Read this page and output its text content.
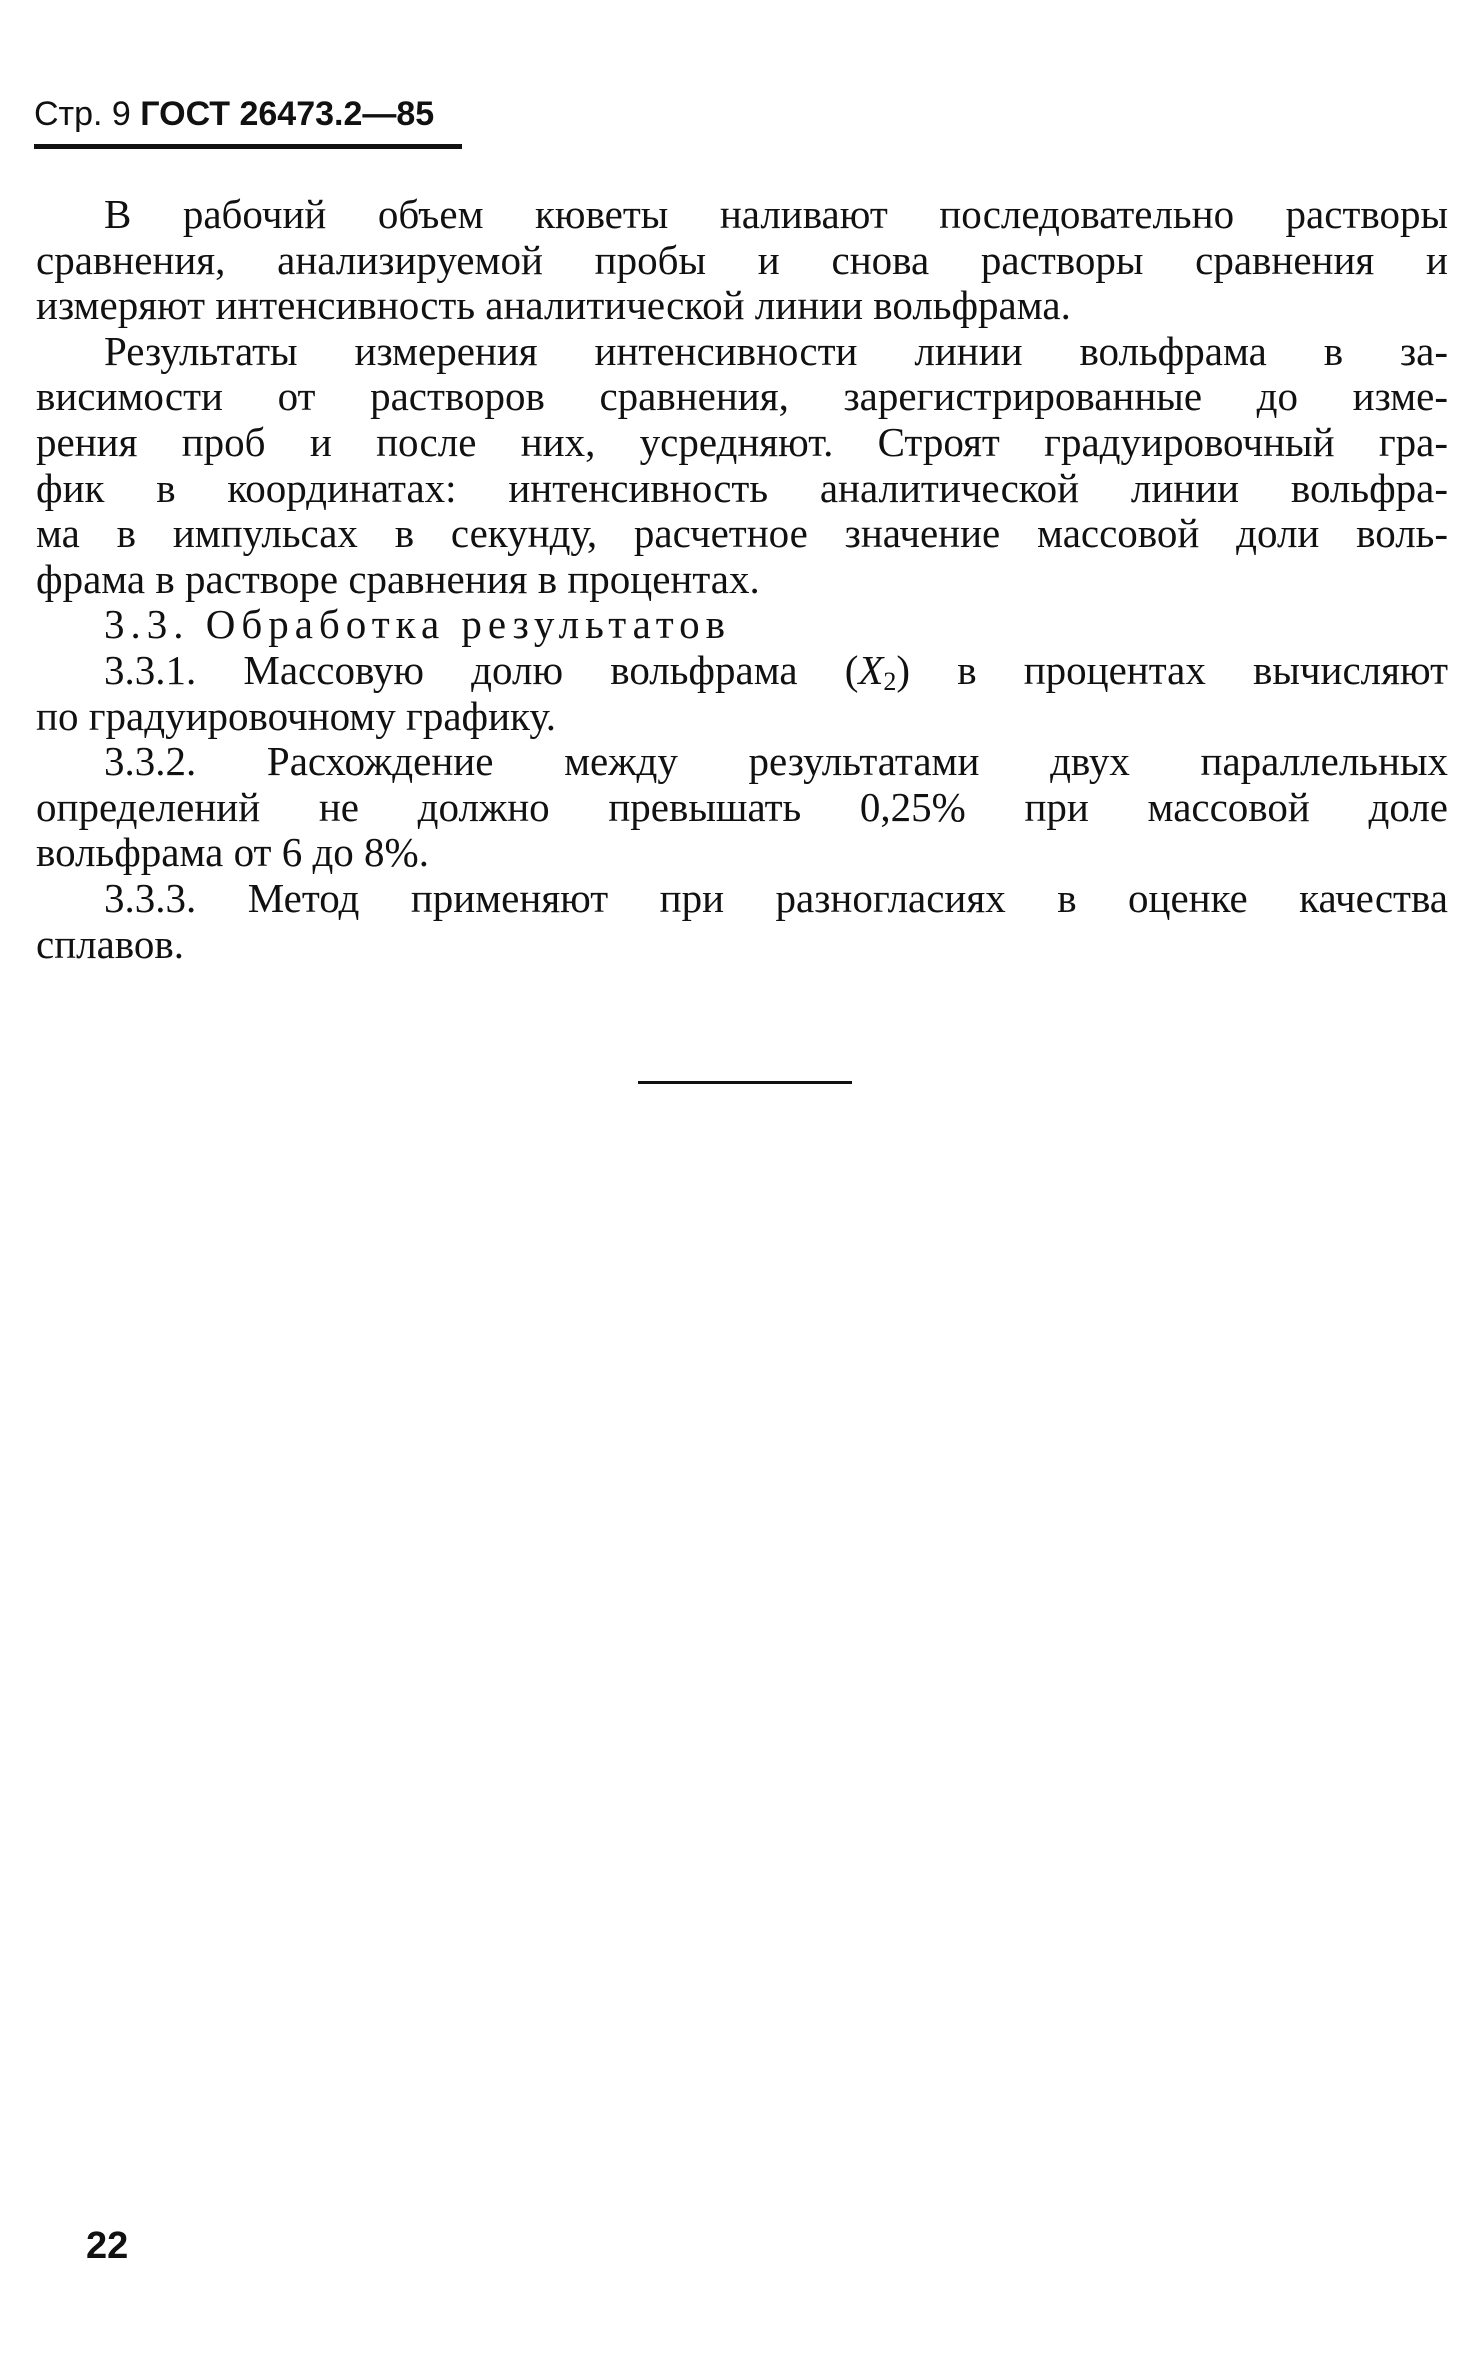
Стр. 9 ГОСТ 26473.2—85
В рабочий объем кюветы наливают последовательно растворы
сравнения, анализируемой пробы и снова растворы сравнения и
измеряют интенсивность аналитической линии вольфрама.
Результаты измерения интенсивности линии вольфрама в за-
висимости от растворов сравнения, зарегистрированные до изме-
рения проб и после них, усредняют. Строят градуировочный гра-
фик в координатах: интенсивность аналитической линии вольфра-
ма в импульсах в секунду, расчетное значение массовой доли воль-
фрама в растворе сравнения в процентах.
3.3. Обработка результатов
3.3.1. Массовую долю вольфрама $(X_2)$ в процентах вычисляют
по градуировочному графику.
3.3.2. Расхождение между результатами двух параллельных
определений не должно превышать 0,25% при массовой доле
вольфрама от 6 до 8%.
3.3.3. Метод применяют при разногласиях в оценке качества
сплавов.
22
